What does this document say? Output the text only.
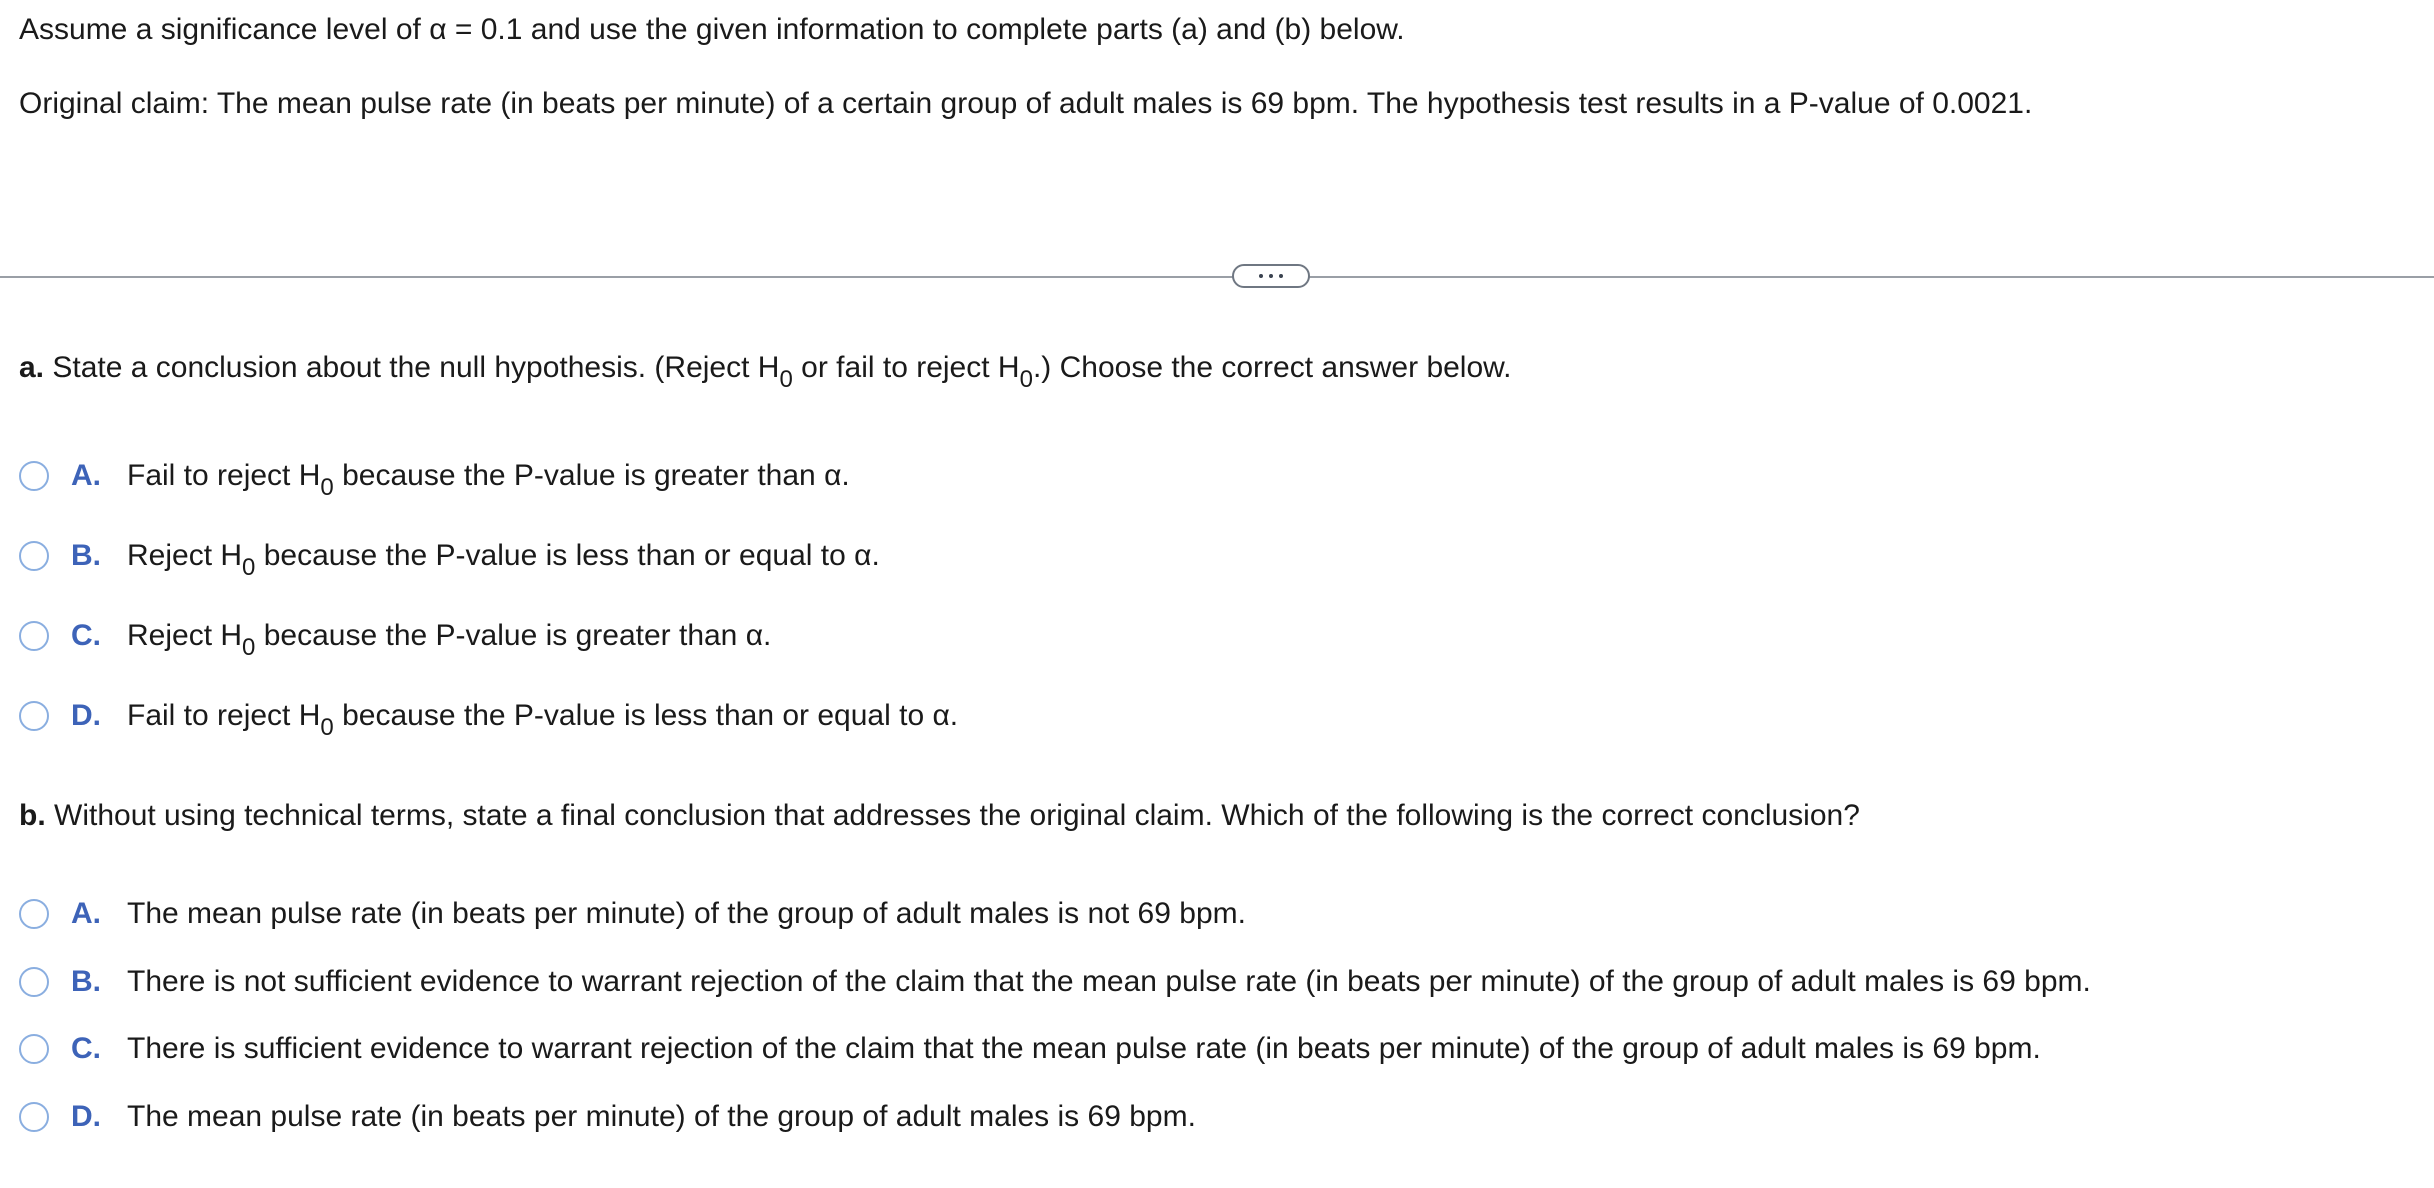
Assume a significance level of α = 0.1 and use the given information to complete parts (a) and (b) below.
Original claim: The mean pulse rate (in beats per minute) of a certain group of adult males is 69 bpm. The hypothesis test results in a P-value of 0.0021.
a. State a conclusion about the null hypothesis. (Reject $H_0$ or fail to reject $H_0$.) Choose the correct answer below.
A. Fail to reject $H_0$ because the P-value is greater than α.
B. Reject $H_0$ because the P-value is less than or equal to α.
C. Reject $H_0$ because the P-value is greater than α.
D. Fail to reject $H_0$ because the P-value is less than or equal to α.
b. Without using technical terms, state a final conclusion that addresses the original claim. Which of the following is the correct conclusion?
A. The mean pulse rate (in beats per minute) of the group of adult males is not 69 bpm.
B. There is not sufficient evidence to warrant rejection of the claim that the mean pulse rate (in beats per minute) of the group of adult males is 69 bpm.
C. There is sufficient evidence to warrant rejection of the claim that the mean pulse rate (in beats per minute) of the group of adult males is 69 bpm.
D. The mean pulse rate (in beats per minute) of the group of adult males is 69 bpm.
